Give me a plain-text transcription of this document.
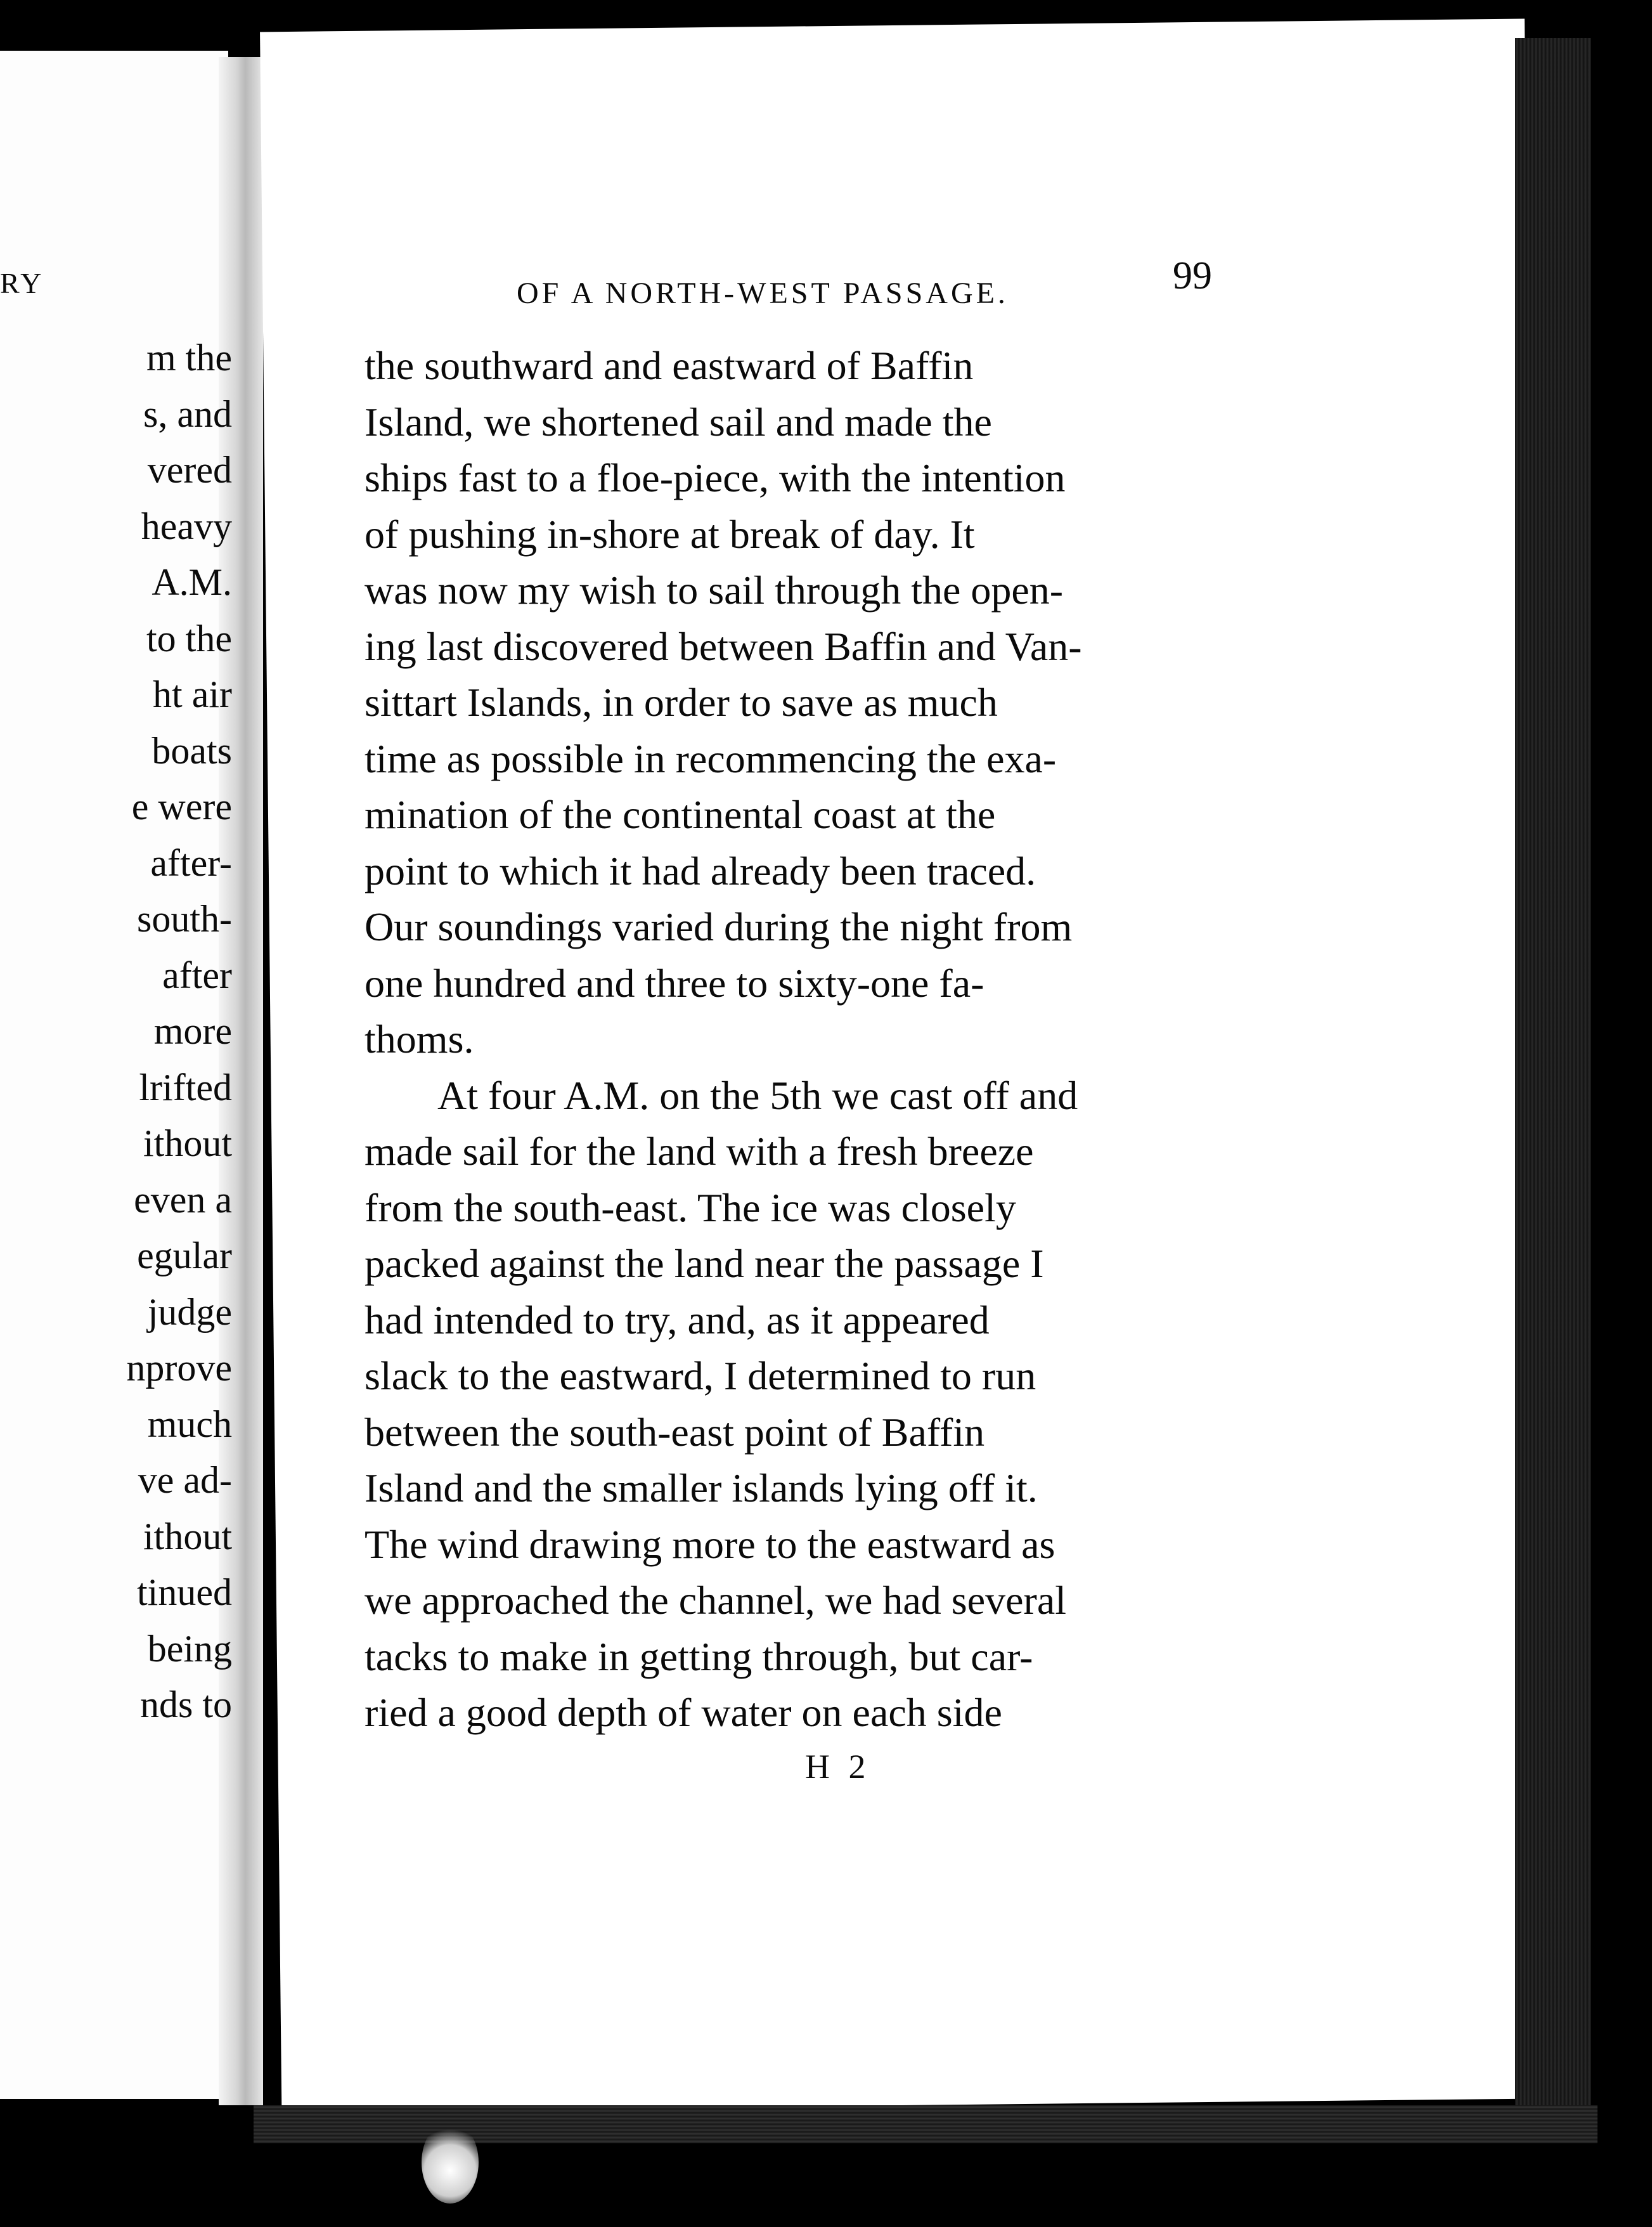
RY
m the
s, and
vered
heavy
A.M.
to the
ht air
boats
e were
after-
south-
after
more
lrifted
ithout
even a
egular
judge
nprove
much
ve ad-
ithout
tinued
being
nds to
OF A NORTH-WEST PASSAGE.	99
the southward and eastward of Baffin
Island, we shortened sail and made the
ships fast to a floe-piece, with the intention
of pushing in-shore at break of day. It
was now my wish to sail through the open-
ing last discovered between Baffin and Van-
sittart Islands, in order to save as much
time as possible in recommencing the exa-
mination of the continental coast at the
point to which it had already been traced.
Our soundings varied during the night from
one hundred and three to sixty-one fa-
thoms.
At four A.M. on the 5th we cast off and
made sail for the land with a fresh breeze
from the south-east. The ice was closely
packed against the land near the passage I
had intended to try, and, as it appeared
slack to the eastward, I determined to run
between the south-east point of Baffin
Island and the smaller islands lying off it.
The wind drawing more to the eastward as
we approached the channel, we had several
tacks to make in getting through, but car-
ried a good depth of water on each side
H 2
